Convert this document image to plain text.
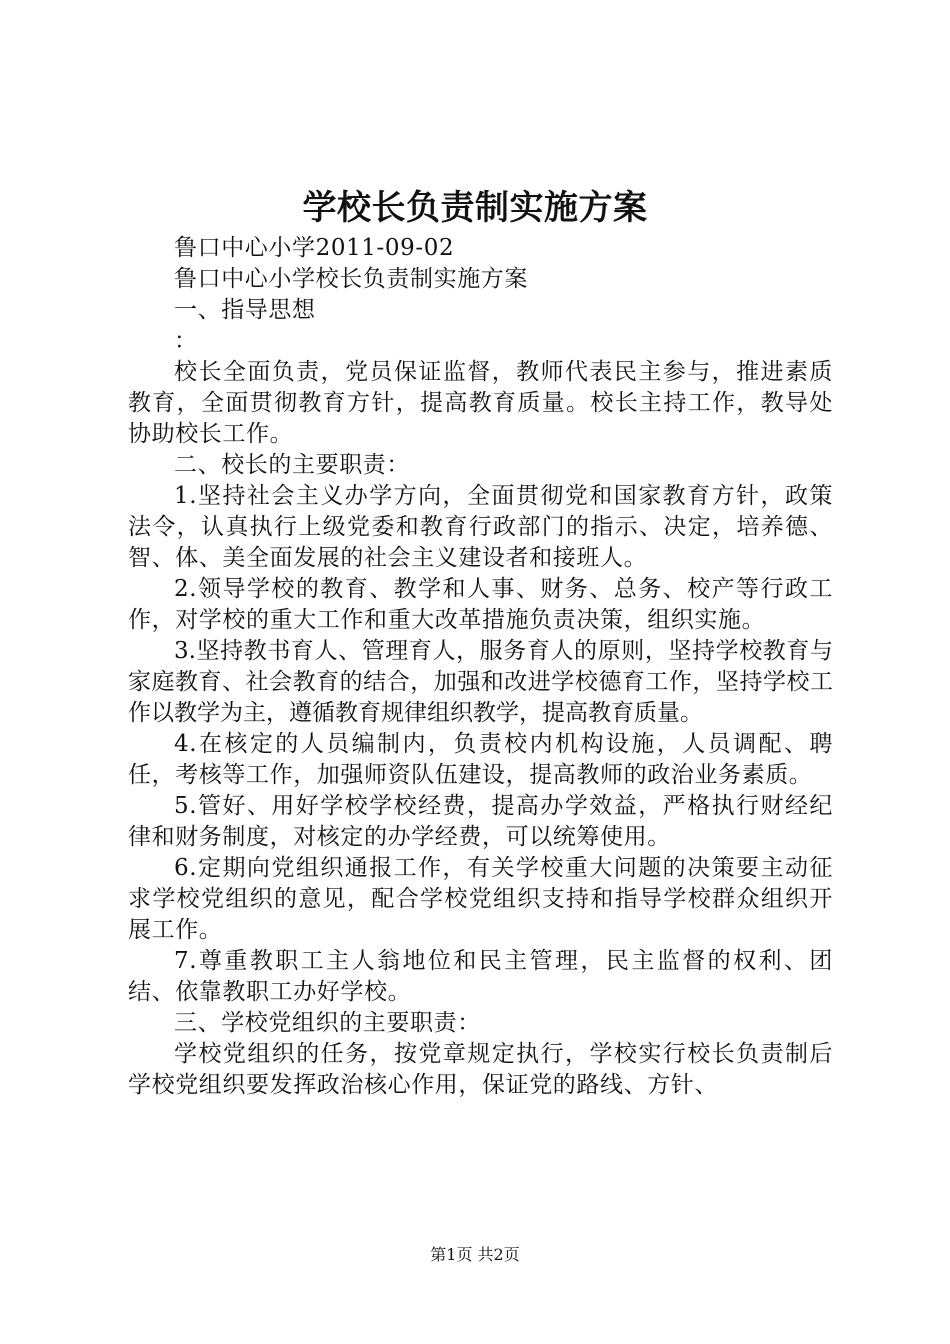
学校长负责制实施方案

鲁口中心小学2011-09-02

鲁口中心小学校长负责制实施方案

一、指导思想

：

校长全面负责，党员保证监督，教师代表民主参与，推进素质教育，全面贯彻教育方针，提高教育质量。校长主持工作，教导处协助校长工作。

二、校长的主要职责：

1.坚持社会主义办学方向，全面贯彻党和国家教育方针，政策法令，认真执行上级党委和教育行政部门的指示、决定，培养德、智、体、美全面发展的社会主义建设者和接班人。

2.领导学校的教育、教学和人事、财务、总务、校产等行政工作，对学校的重大工作和重大改革措施负责决策，组织实施。

3.坚持教书育人、管理育人，服务育人的原则，坚持学校教育与家庭教育、社会教育的结合，加强和改进学校德育工作，坚持学校工作以教学为主，遵循教育规律组织教学，提高教育质量。

4.在核定的人员编制内，负责校内机构设施，人员调配、聘任，考核等工作，加强师资队伍建设，提高教师的政治业务素质。

5.管好、用好学校学校经费，提高办学效益，严格执行财经纪律和财务制度，对核定的办学经费，可以统筹使用。

6.定期向党组织通报工作，有关学校重大问题的决策要主动征求学校党组织的意见，配合学校党组织支持和指导学校群众组织开展工作。

7.尊重教职工主人翁地位和民主管理，民主监督的权利、团结、依靠教职工办好学校。

三、学校党组织的主要职责：

学校党组织的任务，按党章规定执行，学校实行校长负责制后学校党组织要发挥政治核心作用，保证党的路线、方针、

第1页 共2页
